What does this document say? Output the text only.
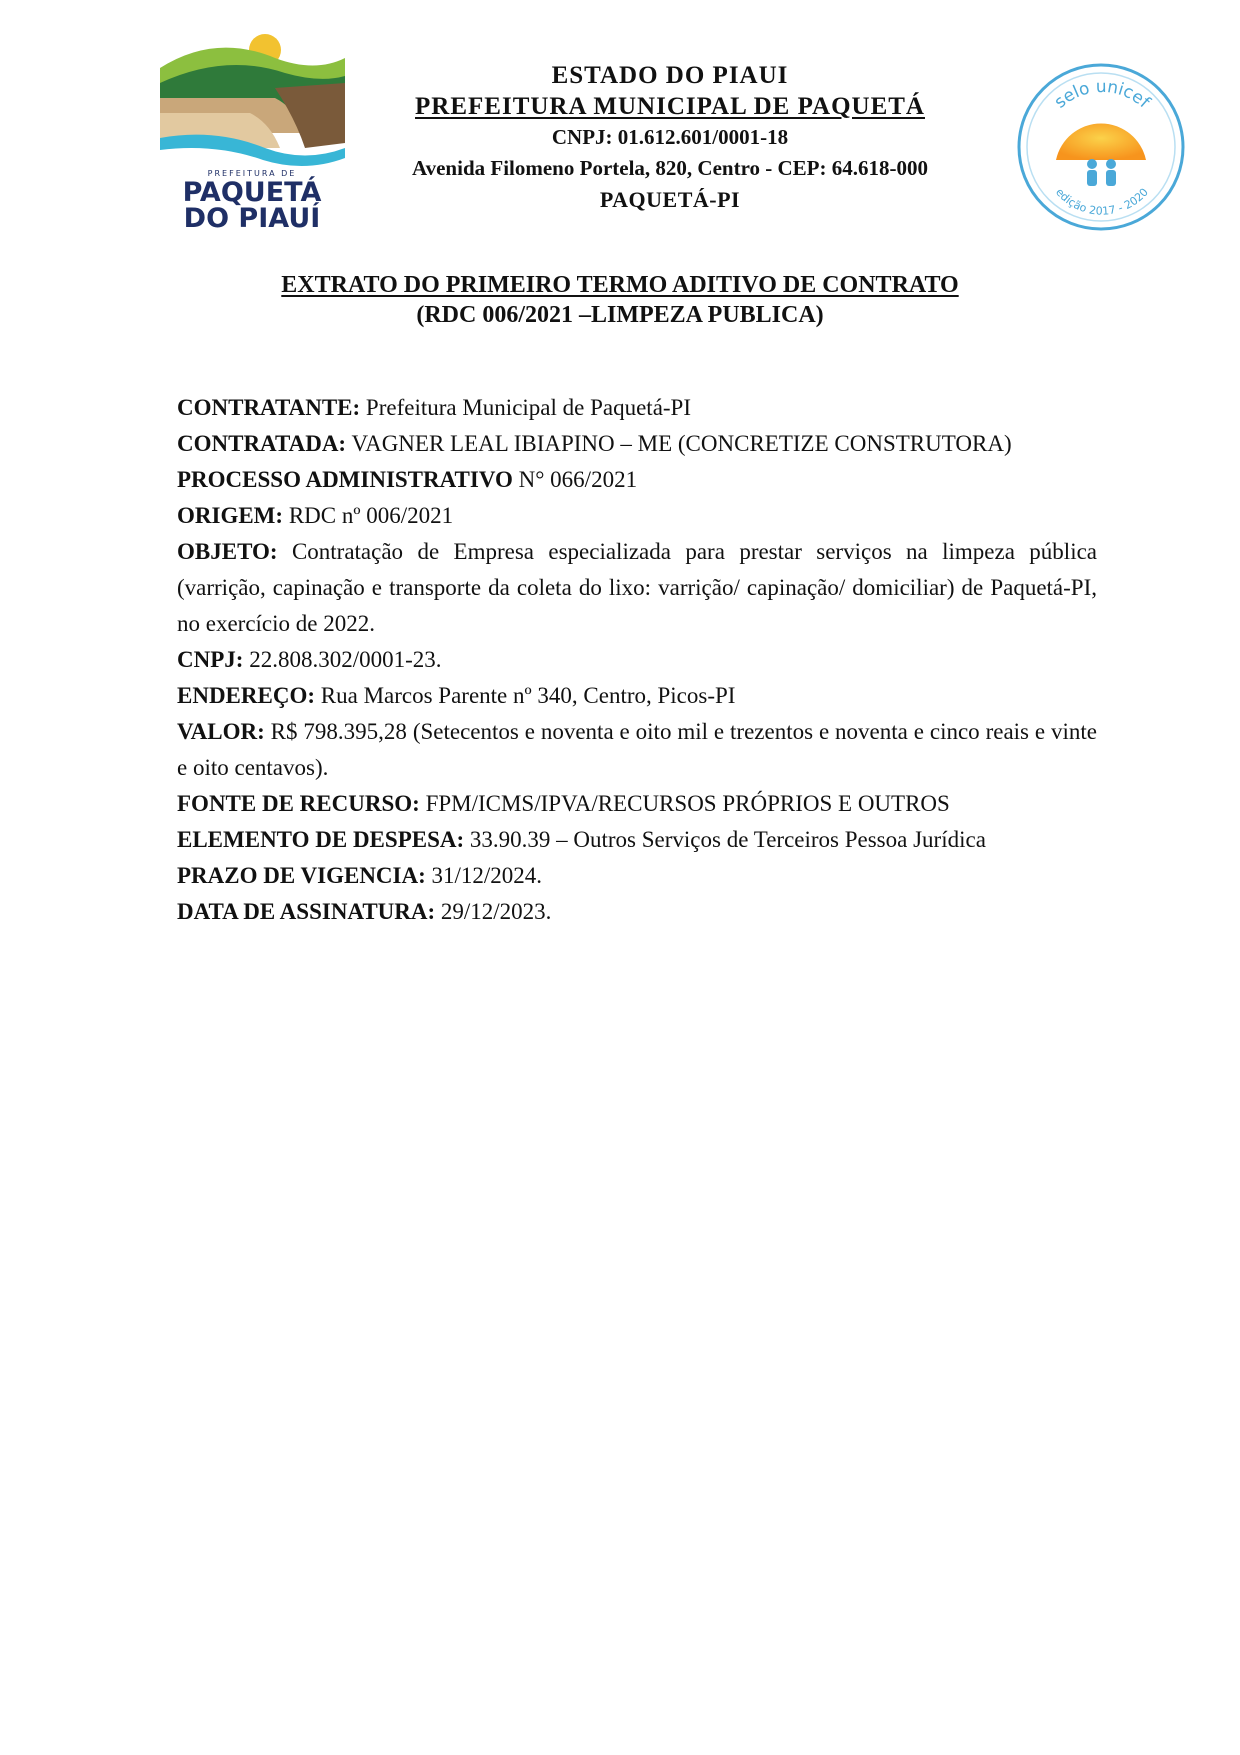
PREFEITURA DE
PAQUETÁ
DO PIAUÍ
ESTADO DO PIAUI
PREFEITURA MUNICIPAL DE PAQUETÁ
CNPJ: 01.612.601/0001-18
Avenida Filomeno Portela, 820, Centro - CEP: 64.618-000
PAQUETÁ-PI
selo unicef
edição 2017 - 2020
EXTRATO DO PRIMEIRO TERMO ADITIVO DE CONTRATO
(RDC 006/2021 –LIMPEZA PUBLICA)

CONTRATANTE: Prefeitura Municipal de Paquetá-PI

CONTRATADA: VAGNER LEAL IBIAPINO – ME (CONCRETIZE CONSTRUTORA)

PROCESSO ADMINISTRATIVO N° 066/2021

ORIGEM: RDC nº 006/2021

OBJETO: Contratação de Empresa especializada para prestar serviços na limpeza pública (varrição, capinação e transporte da coleta do lixo: varrição/ capinação/ domiciliar) de Paquetá-PI, no exercício de 2022.

CNPJ: 22.808.302/0001-23.

ENDEREÇO: Rua Marcos Parente nº 340, Centro, Picos-PI

VALOR: R$ 798.395,28 (Setecentos e noventa e oito mil e trezentos e noventa e cinco reais e vinte e oito centavos).

FONTE DE RECURSO: FPM/ICMS/IPVA/RECURSOS PRÓPRIOS E OUTROS

ELEMENTO DE DESPESA: 33.90.39 – Outros Serviços de Terceiros Pessoa Jurídica

PRAZO DE VIGENCIA: 31/12/2024.

DATA DE ASSINATURA: 29/12/2023.
